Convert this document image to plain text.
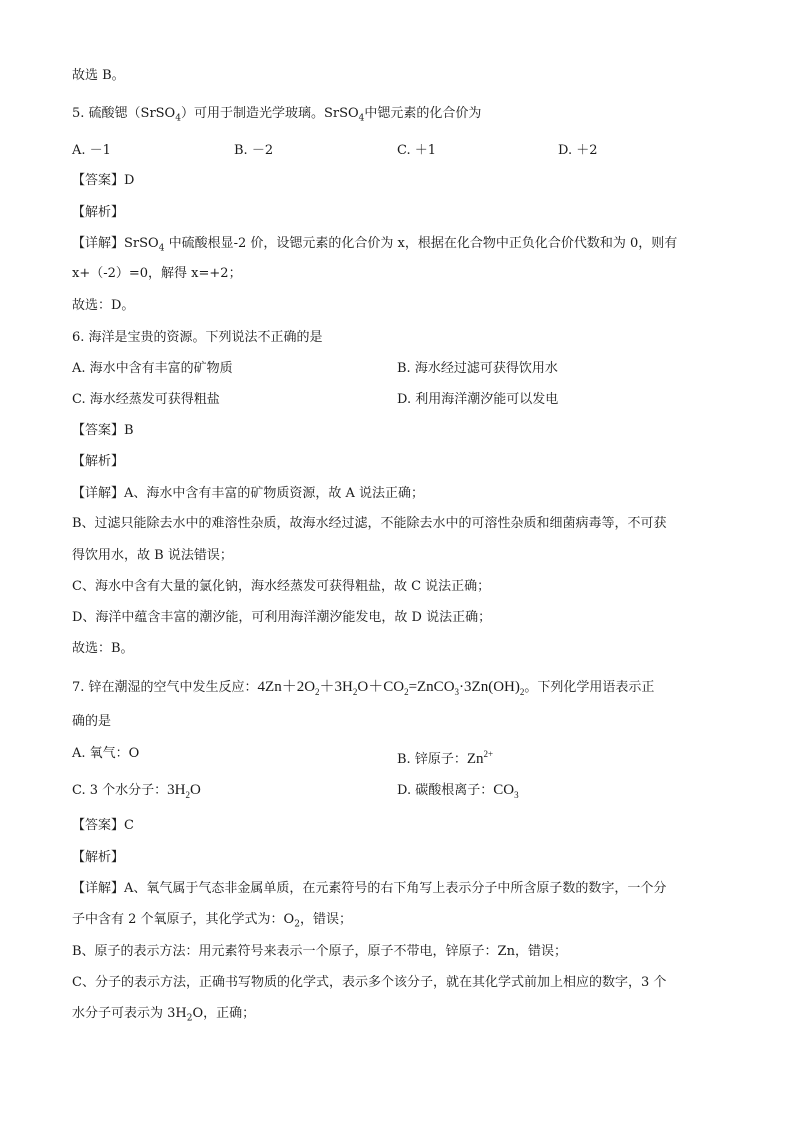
故选 B。
5. 硫酸锶（SrSO$_4$）可用于制造光学玻璃。SrSO$_4$中锶元素的化合价为
A. －1	B. －2	C. ＋1	D. ＋2
【答案】D
【解析】
【详解】SrSO$_4$ 中硫酸根显-2 价，设锶元素的化合价为 x，根据在化合物中正负化合价代数和为 0，则有
x+（-2）=0，解得 x=+2；
故选：D。
6. 海洋是宝贵的资源。下列说法不正确的是
A. 海水中含有丰富的矿物质	B. 海水经过滤可获得饮用水
C. 海水经蒸发可获得粗盐	D. 利用海洋潮汐能可以发电
【答案】B
【解析】
【详解】A、海水中含有丰富的矿物质资源，故 A 说法正确；
B、过滤只能除去水中的难溶性杂质，故海水经过滤，不能除去水中的可溶性杂质和细菌病毒等，不可获
得饮用水，故 B 说法错误；
C、海水中含有大量的氯化钠，海水经蒸发可获得粗盐，故 C 说法正确；
D、海洋中蕴含丰富的潮汐能，可利用海洋潮汐能发电，故 D 说法正确；
故选：B。
7. 锌在潮湿的空气中发生反应：$4Zn+2O_2+3H_2O+CO_2=ZnCO_3\cdot 3Zn(OH)_2$。下列化学用语表示正
确的是
A. 氧气：O	B. 锌原子：$Zn^{2+}$
C. 3 个水分子：$3H_2O$	D. 碳酸根离子：$CO_3$
【答案】C
【解析】
【详解】A、氧气属于气态非金属单质，在元素符号的右下角写上表示分子中所含原子数的数字，一个分
子中含有 2 个氧原子，其化学式为：$O_2$，错误；
B、原子的表示方法：用元素符号来表示一个原子，原子不带电，锌原子：Zn，错误；
C、分子的表示方法，正确书写物质的化学式，表示多个该分子，就在其化学式前加上相应的数字，3 个
水分子可表示为 $3H_2O$，正确；
